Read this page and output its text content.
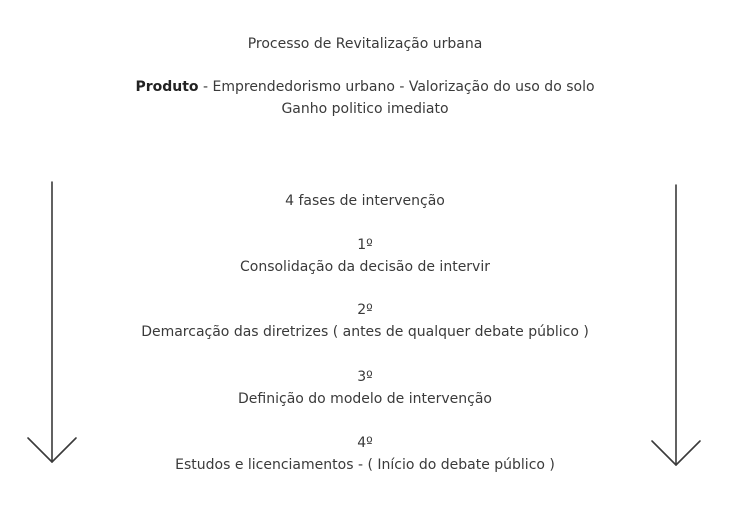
Processo de Revitalização urbana
Produto - Emprendedorismo urbano - Valorização do uso do solo
Ganho politico imediato
4 fases de intervenção
1º
Consolidação da decisão de intervir
2º
Demarcação das diretrizes ( antes de qualquer debate público )
3º
Definição do modelo de intervenção
4º
Estudos e licenciamentos - ( Início do debate público )
